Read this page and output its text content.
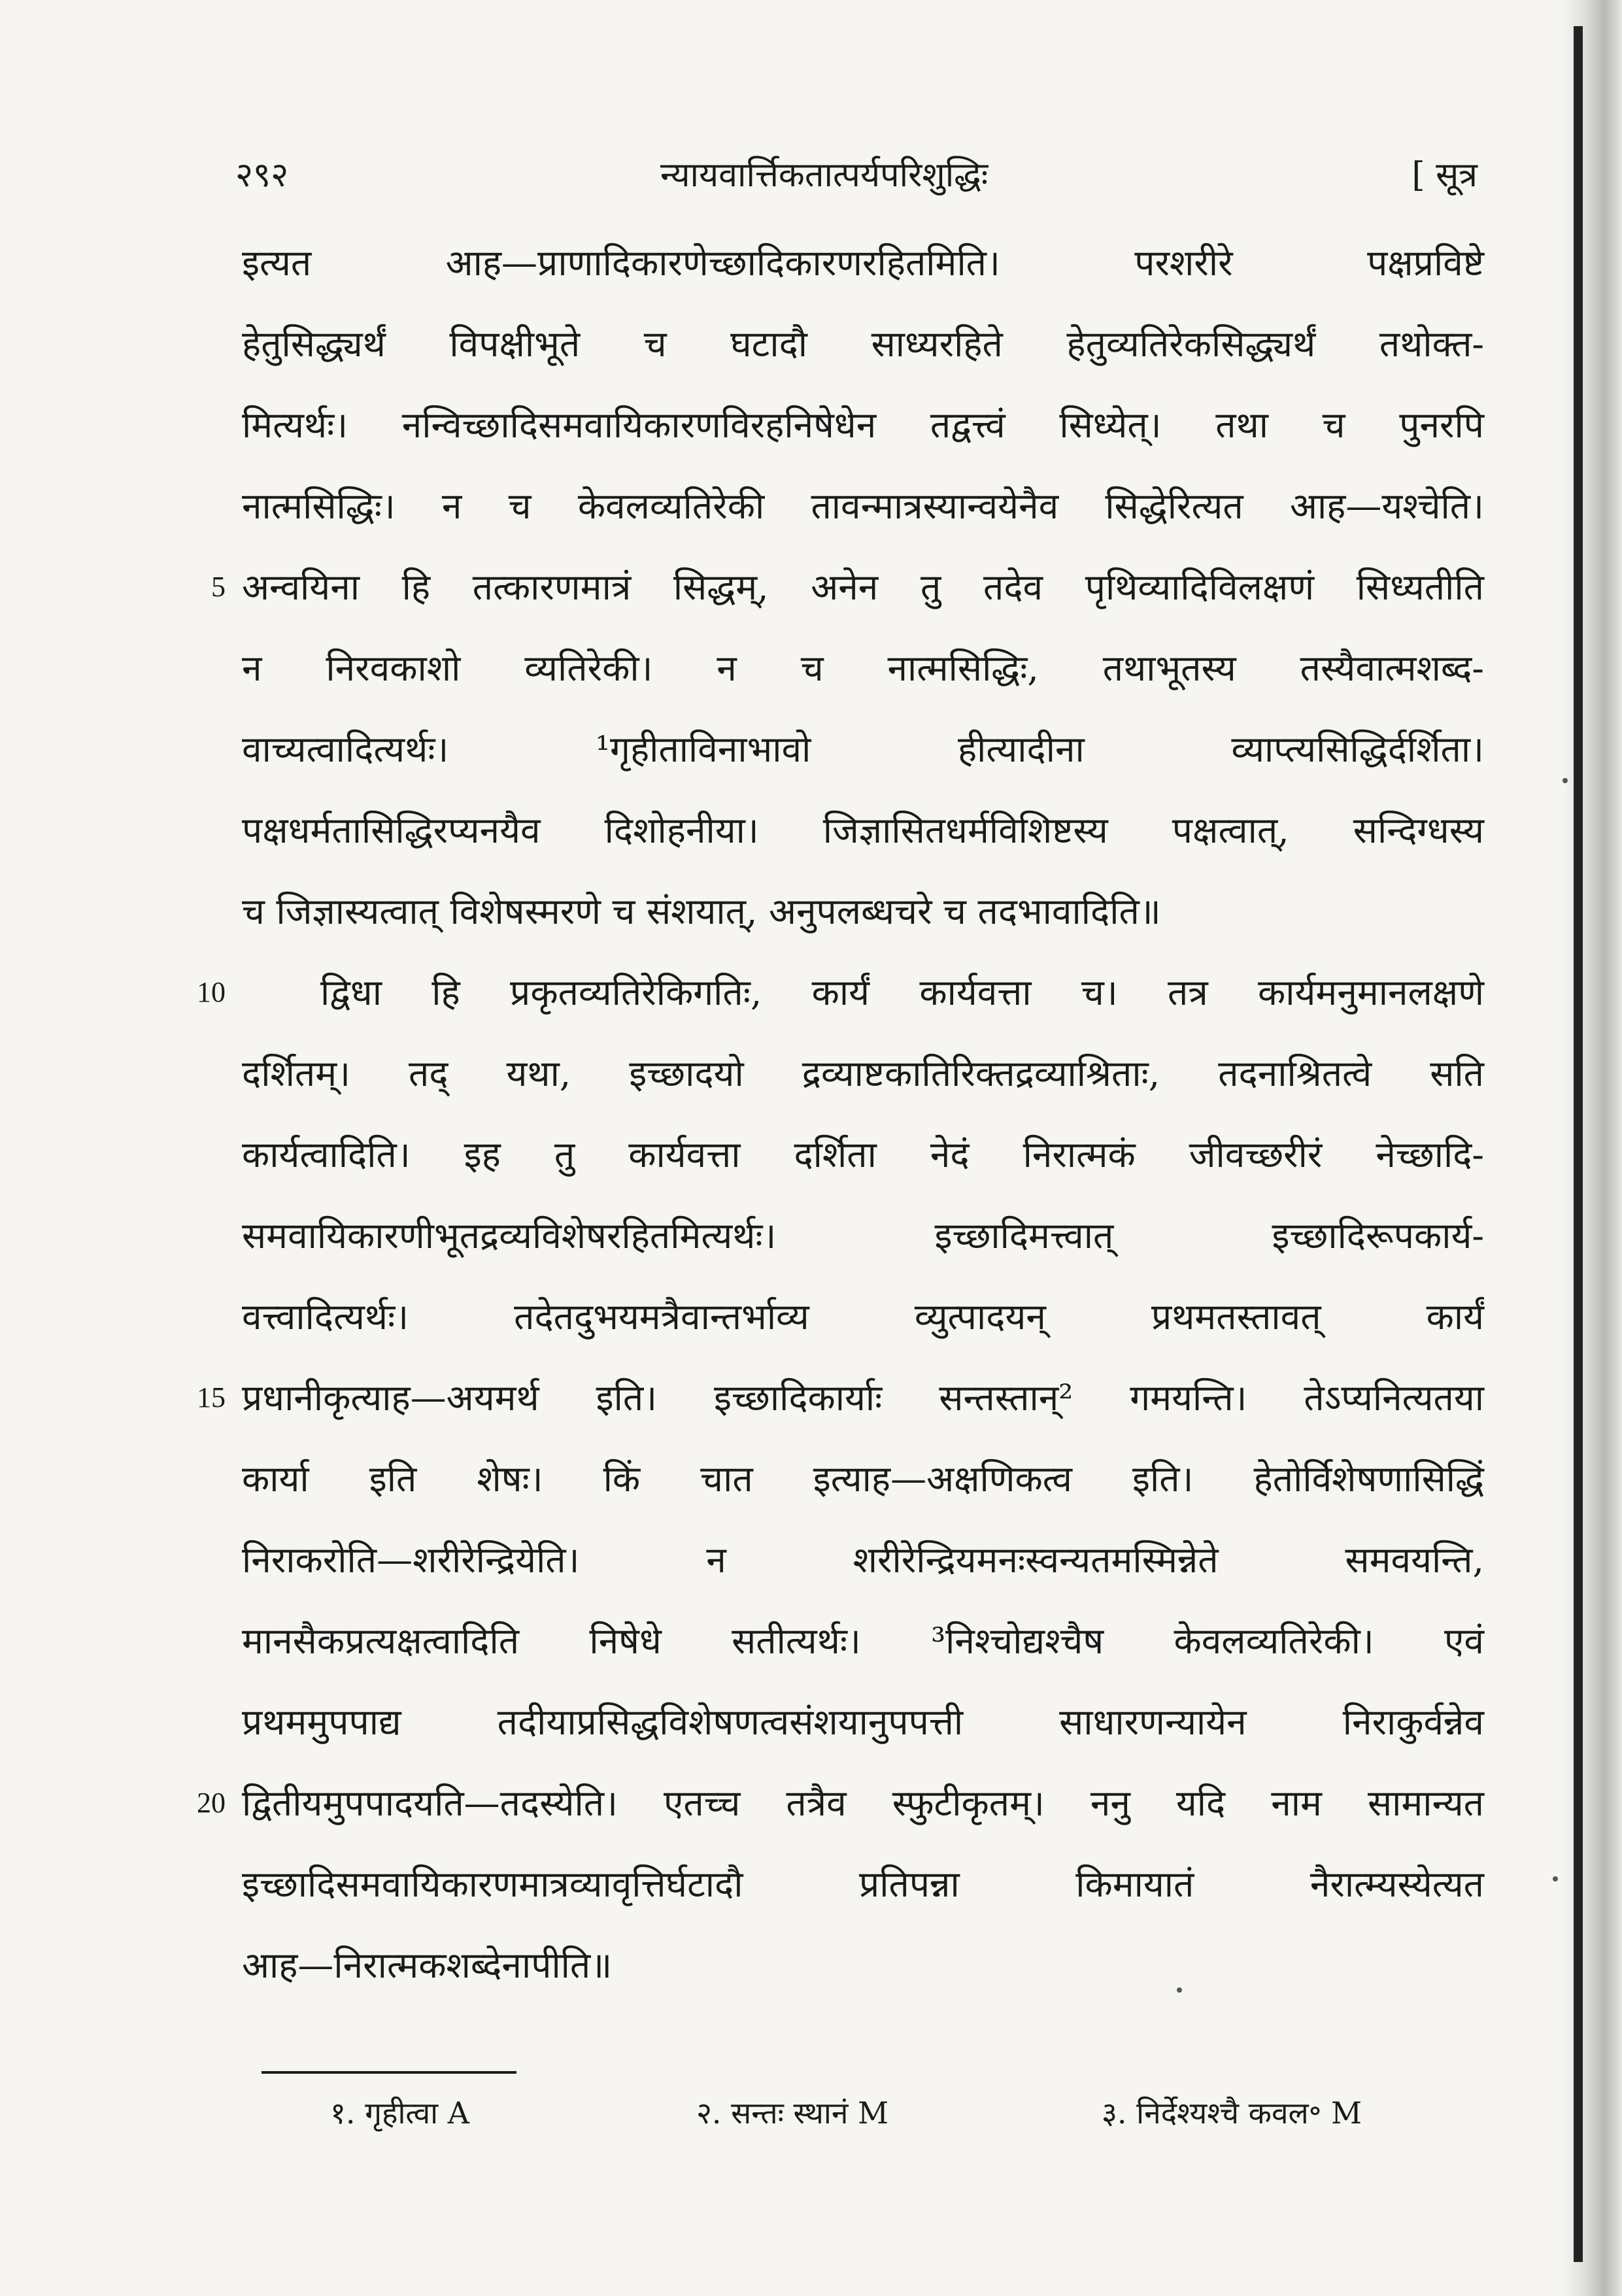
२९२	न्यायवार्त्तिकतात्पर्यपरिशुद्धिः	[ सूत्र
इत्यत आह—प्राणादिकारणेच्छादिकारणरहितमिति। परशरीरे पक्षप्रविष्टे
हेतुसिद्ध्यर्थं विपक्षीभूते च घटादौ साध्यरहिते हेतुव्यतिरेकसिद्ध्यर्थं तथोक्त-
मित्यर्थः। नन्विच्छादिसमवायिकारणविरहनिषेधेन तद्वत्त्वं सिध्येत्। तथा च पुनरपि
नात्मसिद्धिः। न च केवलव्यतिरेकी तावन्मात्रस्यान्वयेनैव सिद्धेरित्यत आह—यश्चेति।
5 अन्वयिना हि तत्कारणमात्रं सिद्धम्, अनेन तु तदेव पृथिव्यादिविलक्षणं सिध्यतीति
न निरवकाशो व्यतिरेकी। न च नात्मसिद्धिः, तथाभूतस्य तस्यैवात्मशब्द-
वाच्यत्वादित्यर्थः। ¹गृहीताविनाभावो हीत्यादीना व्याप्त्यसिद्धिर्दर्शिता।
पक्षधर्मतासिद्धिरप्यनयैव दिशोहनीया। जिज्ञासितधर्मविशिष्टस्य पक्षत्वात्, सन्दिग्धस्य
च जिज्ञास्यत्वात् विशेषस्मरणे च संशयात्, अनुपलब्धचरे च तदभावादिति॥
10	द्विधा हि प्रकृतव्यतिरेकिगतिः, कार्यं कार्यवत्ता च। तत्र कार्यमनुमानलक्षणे
दर्शितम्। तद् यथा, इच्छादयो द्रव्याष्टकातिरिक्तद्रव्याश्रिताः, तदनाश्रितत्वे सति
कार्यत्वादिति। इह तु कार्यवत्ता दर्शिता नेदं निरात्मकं जीवच्छरीरं नेच्छादि-
समवायिकारणीभूतद्रव्यविशेषरहितमित्यर्थः। इच्छादिमत्त्वात् इच्छादिरूपकार्य-
वत्त्वादित्यर्थः। तदेतदुभयमत्रैवान्तर्भाव्य व्युत्पादयन् प्रथमतस्तावत् कार्यं
15 प्रधानीकृत्याह—अयमर्थ इति। इच्छादिकार्याः सन्तस्तान्² गमयन्ति। तेऽप्यनित्यतया
कार्या इति शेषः। किं चात इत्याह—अक्षणिकत्व इति। हेतोर्विशेषणासिद्धिं
निराकरोति—शरीरेन्द्रियेति। न शरीरेन्द्रियमनःस्वन्यतमस्मिन्नेते समवयन्ति,
मानसैकप्रत्यक्षत्वादिति निषेधे सतीत्यर्थः। ³निश्चोद्यश्चैष केवलव्यतिरेकी। एवं
प्रथममुपपाद्य तदीयाप्रसिद्धविशेषणत्वसंशयानुपपत्ती साधारणन्यायेन निराकुर्वन्नेव
20 द्वितीयमुपपादयति—तदस्येति। एतच्च तत्रैव स्फुटीकृतम्। ननु यदि नाम सामान्यत
इच्छादिसमवायिकारणमात्रव्यावृत्तिर्घटादौ प्रतिपन्ना किमायातं नैरात्म्यस्येत्यत
आह—निरात्मकशब्देनापीति॥
१. गृहीत्वा A	२. सन्तः स्थानं M	३. निर्देश्यश्चै कवल॰ M
